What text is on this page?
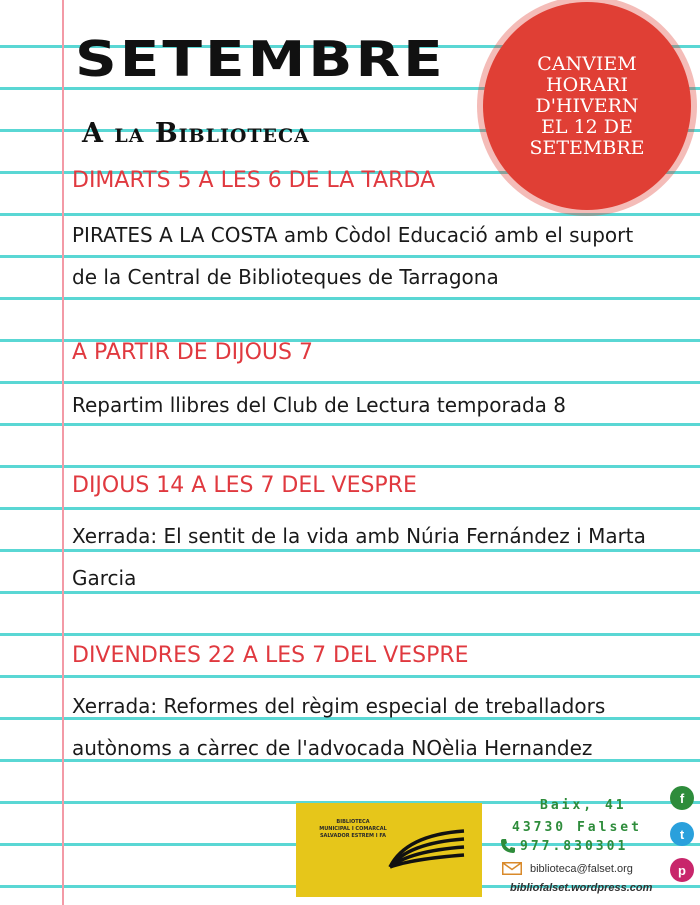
SETEMBRE
A la Biblioteca
CANVIEM
HORARI
D'HIVERN
EL 12 DE
SETEMBRE
DIMARTS 5 A LES 6 DE LA TARDA
PIRATES A LA COSTA amb Còdol Educació amb el suport de la Central de Biblioteques de Tarragona
A PARTIR DE DIJOUS 7
Repartim llibres del Club de Lectura temporada 8
DIJOUS 14 A LES 7 DEL VESPRE
Xerrada: El sentit de la vida amb Núria Fernández i Marta Garcia
DIVENDRES 22 A LES 7 DEL VESPRE
Xerrada: Reformes del règim especial de treballadors autònoms a càrrec de l'advocada NOèlia Hernandez
BIBLIOTECA
MUNICIPAL I COMARCAL
SALVADOR ESTREM I FA
Baix, 41
43730 Falset
977.830301
biblioteca@falset.org
bibliofalset.wordpress.com
f
t
p
